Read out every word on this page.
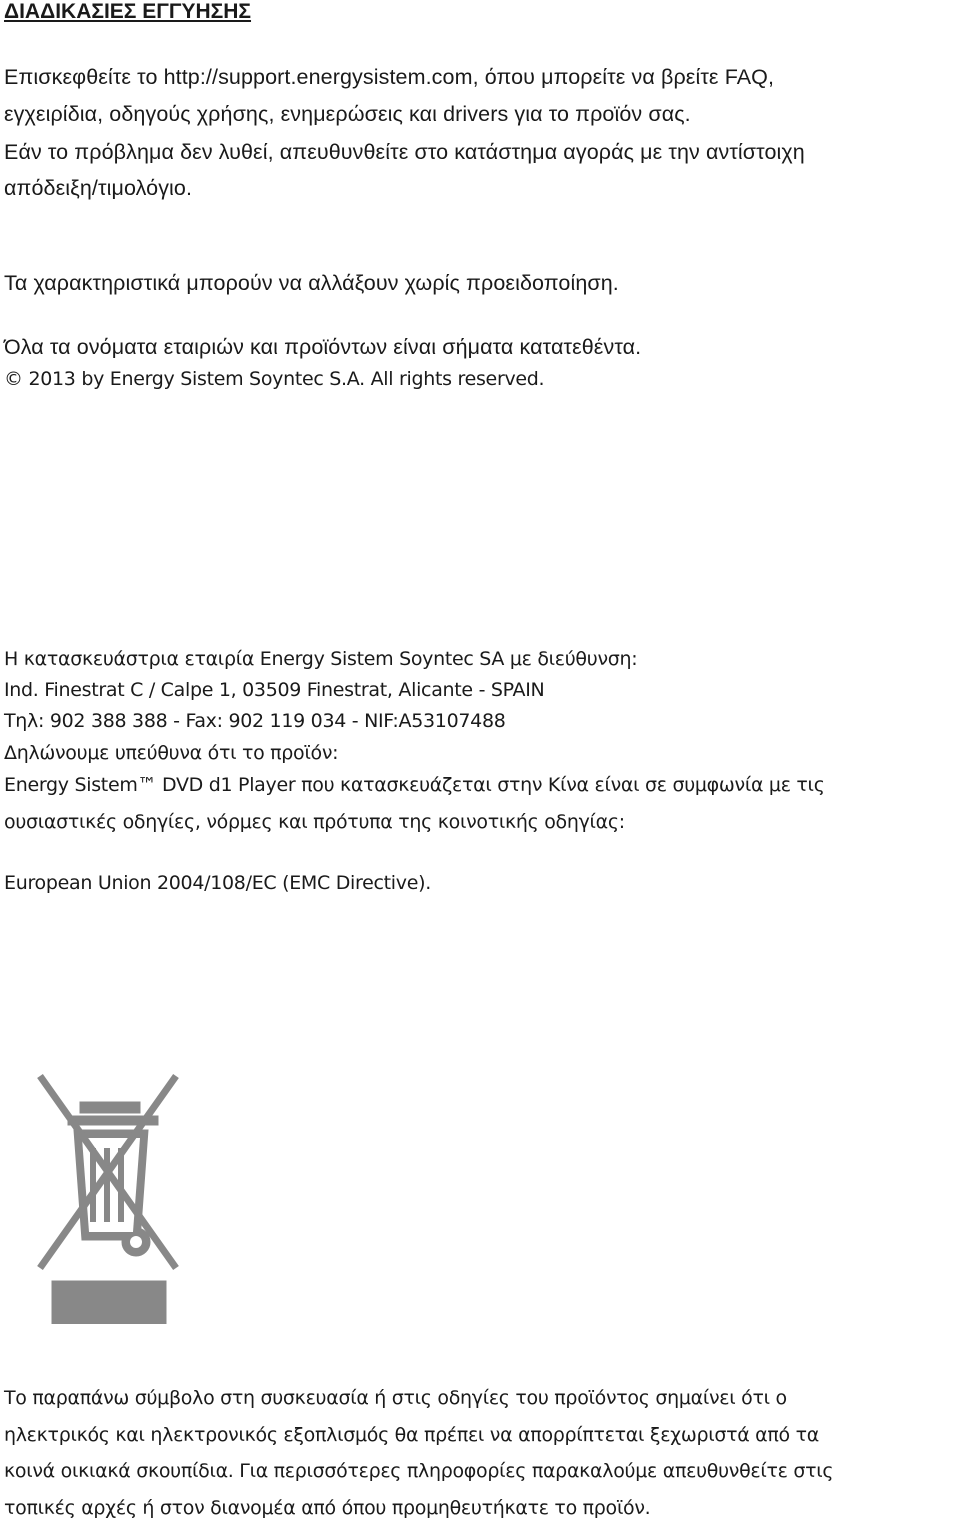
ΔΙΑΔΙΚΑΣΙΕΣ ΕΓΓΥΗΣΗΣ

Επισκεφθείτε το http://support.energysistem.com, όπου μπορείτε να βρείτε FAQ,

εγχειρίδια, οδηγούς χρήσης, ενημερώσεις και drivers για το προϊόν σας.

Εάν το πρόβλημα δεν λυθεί, απευθυνθείτε στο κατάστημα αγοράς με την αντίστοιχη

απόδειξη/τιμολόγιο.

Τα χαρακτηριστικά μπορούν να αλλάξουν χωρίς προειδοποίηση.

Όλα τα ονόματα εταιριών και προϊόντων είναι σήματα κατατεθέντα.

© 2013 by Energy Sistem Soyntec S.A. All rights reserved.

Η κατασκευάστρια εταιρία Energy Sistem Soyntec SA με διεύθυνση:

Ind. Finestrat C / Calpe 1, 03509 Finestrat, Alicante - SPAIN

Τηλ: 902 388 388 - Fax: 902 119 034 - NIF:A53107488

Δηλώνουμε υπεύθυνα ότι το προϊόν:

Energy Sistem™ DVD d1 Player που κατασκευάζεται στην Κίνα είναι σε συμφωνία με τις

ουσιαστικές οδηγίες, νόρμες και πρότυπα της κοινοτικής οδηγίας:

European Union 2004/108/EC (EMC Directive).

Το παραπάνω σύμβολο στη συσκευασία ή στις οδηγίες του προϊόντος σημαίνει ότι ο

ηλεκτρικός και ηλεκτρονικός εξοπλισμός θα πρέπει να απορρίπτεται ξεχωριστά από τα

κοινά οικιακά σκουπίδια. Για περισσότερες πληροφορίες παρακαλούμε απευθυνθείτε στις

τοπικές αρχές ή στον διανομέα από όπου προμηθευτήκατε το προϊόν.
